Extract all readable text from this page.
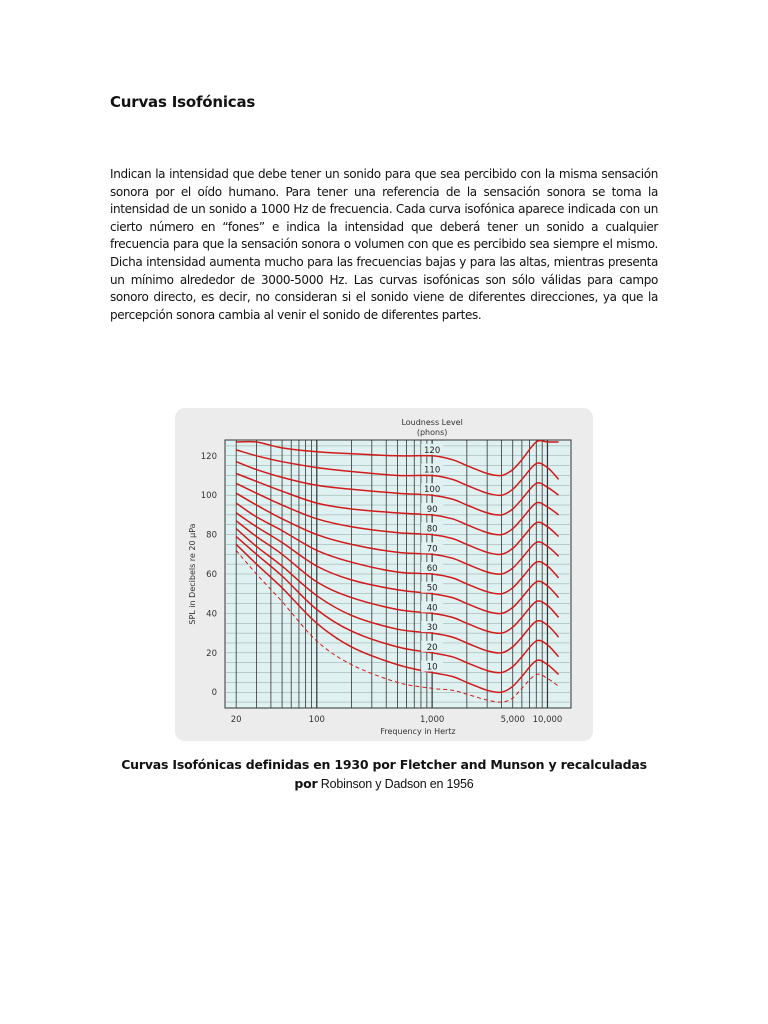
Curvas Isofónicas
Indican la intensidad que debe tener un sonido para que sea percibido con la misma sensación sonora por el oído humano. Para tener una referencia de la sensación sonora se toma la intensidad de un sonido a 1000 Hz de frecuencia. Cada curva isofónica aparece indicada con un cierto número en “fones” e indica la intensidad que deberá tener un sonido a cualquier frecuencia para que la sensación sonora o volumen con que es percibido sea siempre el mismo. Dicha intensidad aumenta mucho para las frecuencias bajas y para las altas, mientras presenta un mínimo alrededor de 3000-5000 Hz. Las curvas isofónicas son sólo válidas para campo sonoro directo, es decir, no consideran si el sonido viene de diferentes direcciones, ya que la percepción sonora cambia al venir el sonido de diferentes partes.
120
110
100
90
80
70
60
50
40
30
20
10
0
20
40
60
80
100
120
20	100	1,000	5,000 10,000
Frequency in Hertz
SPL in Decibels re 20 µPa
Loudness Level
(phons)
Curvas Isofónicas definidas en 1930 por Fletcher and Munson y recalculadas por Robinson y Dadson en 1956
